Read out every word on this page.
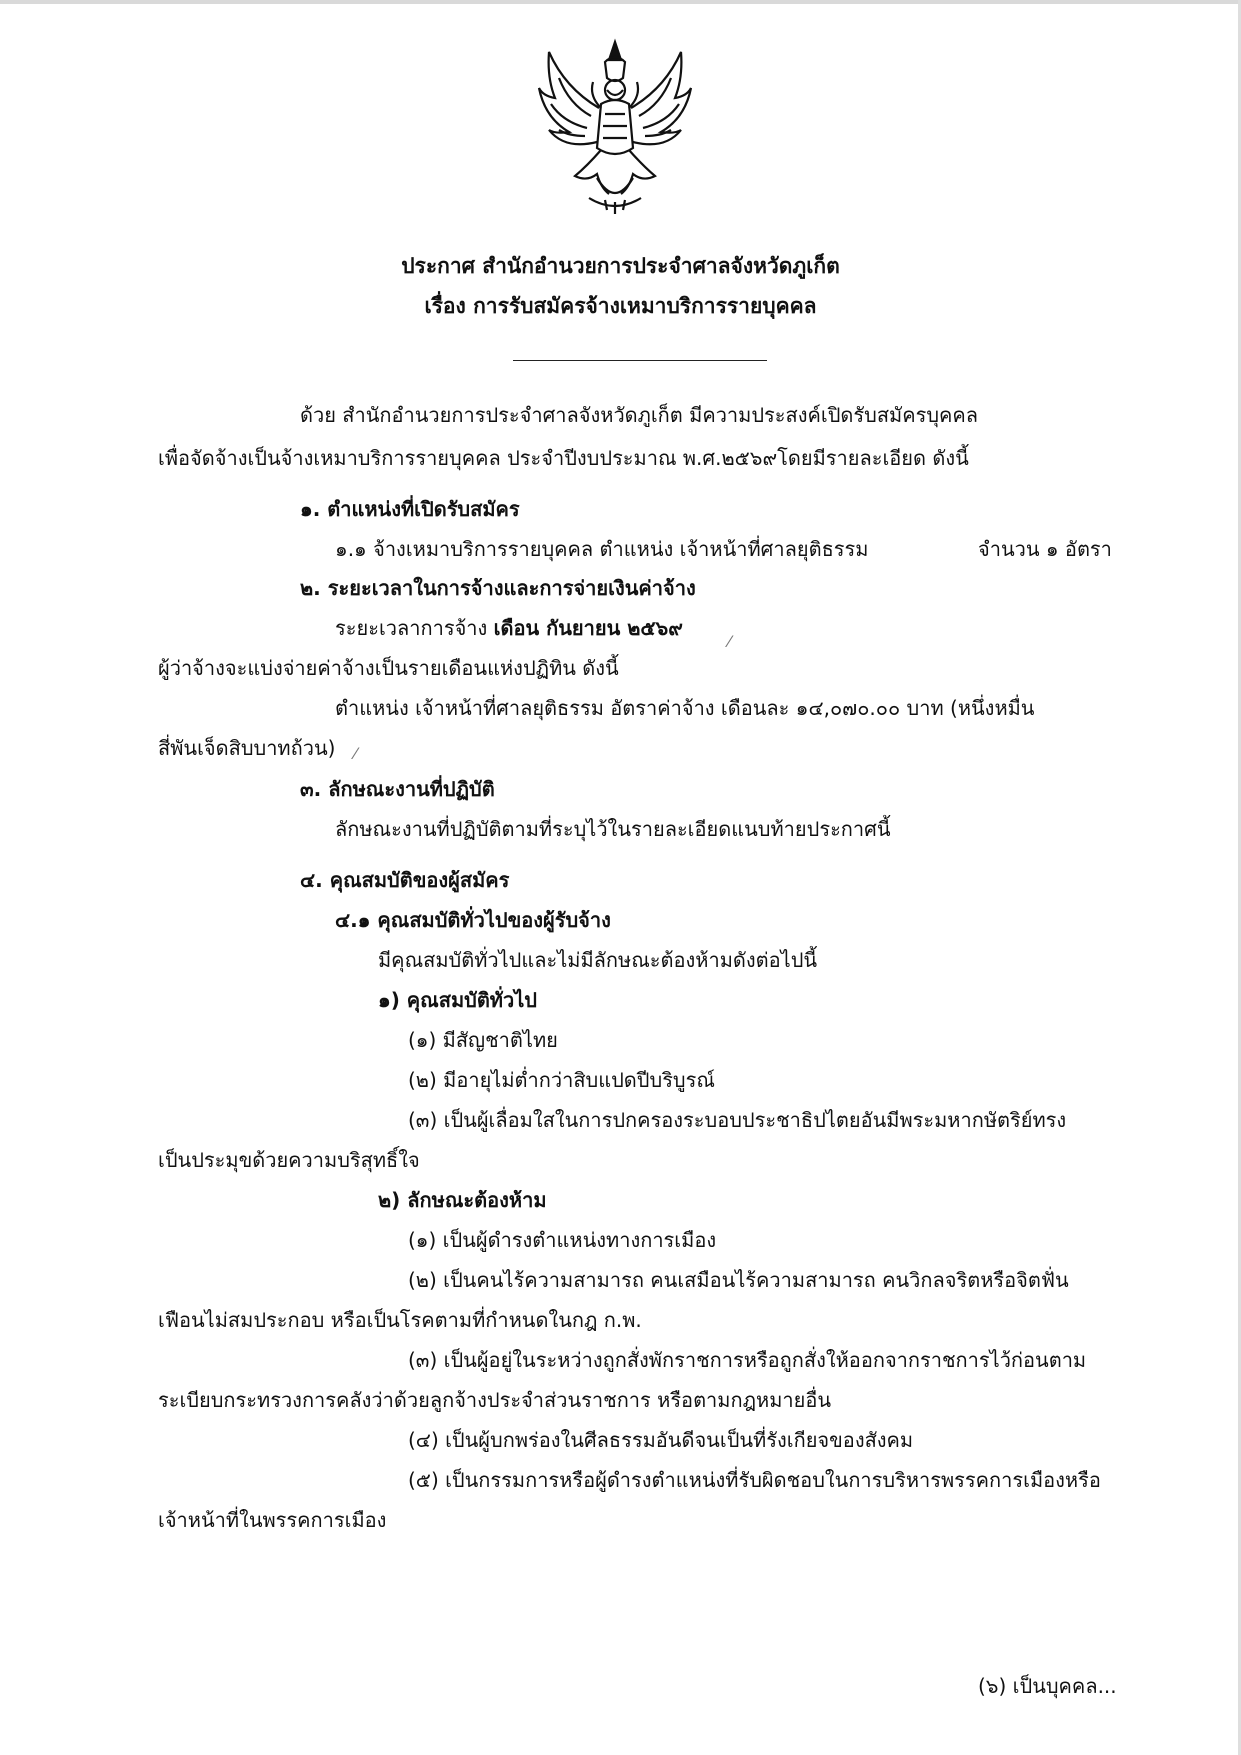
ประกาศ สำนักอำนวยการประจำศาลจังหวัดภูเก็ต
เรื่อง การรับสมัครจ้างเหมาบริการรายบุคคล
ด้วย สำนักอำนวยการประจำศาลจังหวัดภูเก็ต มีความประสงค์เปิดรับสมัครบุคคล
เพื่อจัดจ้างเป็นจ้างเหมาบริการรายบุคคล ประจำปีงบประมาณ พ.ศ.๒๕๖๙โดยมีรายละเอียด ดังนี้
๑. ตำแหน่งที่เปิดรับสมัคร
๑.๑ จ้างเหมาบริการรายบุคคล ตำแหน่ง เจ้าหน้าที่ศาลยุติธรรม	จำนวน ๑ อัตรา
๒. ระยะเวลาในการจ้างและการจ่ายเงินค่าจ้าง
ระยะเวลาการจ้าง เดือน กันยายน ๒๕๖๙
⁄
ผู้ว่าจ้างจะแบ่งจ่ายค่าจ้างเป็นรายเดือนแห่งปฏิทิน ดังนี้
ตำแหน่ง เจ้าหน้าที่ศาลยุติธรรม อัตราค่าจ้าง เดือนละ ๑๔,๐๗๐.๐๐ บาท (หนึ่งหมื่น
สี่พันเจ็ดสิบบาทถ้วน) ⁄
๓. ลักษณะงานที่ปฏิบัติ
ลักษณะงานที่ปฏิบัติตามที่ระบุไว้ในรายละเอียดแนบท้ายประกาศนี้
๔. คุณสมบัติของผู้สมัคร
๔.๑ คุณสมบัติทั่วไปของผู้รับจ้าง
มีคุณสมบัติทั่วไปและไม่มีลักษณะต้องห้ามดังต่อไปนี้
๑) คุณสมบัติทั่วไป
(๑) มีสัญชาติไทย
(๒) มีอายุไม่ต่ำกว่าสิบแปดปีบริบูรณ์
(๓) เป็นผู้เลื่อมใสในการปกครองระบอบประชาธิปไตยอันมีพระมหากษัตริย์ทรง
เป็นประมุขด้วยความบริสุทธิ์ใจ
๒) ลักษณะต้องห้าม
(๑) เป็นผู้ดำรงตำแหน่งทางการเมือง
(๒) เป็นคนไร้ความสามารถ คนเสมือนไร้ความสามารถ คนวิกลจริตหรือจิตฟั่น
เฟือนไม่สมประกอบ หรือเป็นโรคตามที่กำหนดในกฎ ก.พ.
(๓) เป็นผู้อยู่ในระหว่างถูกสั่งพักราชการหรือถูกสั่งให้ออกจากราชการไว้ก่อนตาม
ระเบียบกระทรวงการคลังว่าด้วยลูกจ้างประจำส่วนราชการ หรือตามกฎหมายอื่น
(๔) เป็นผู้บกพร่องในศีลธรรมอันดีจนเป็นที่รังเกียจของสังคม
(๕) เป็นกรรมการหรือผู้ดำรงตำแหน่งที่รับผิดชอบในการบริหารพรรคการเมืองหรือ
เจ้าหน้าที่ในพรรคการเมือง
(๖) เป็นบุคคล...
